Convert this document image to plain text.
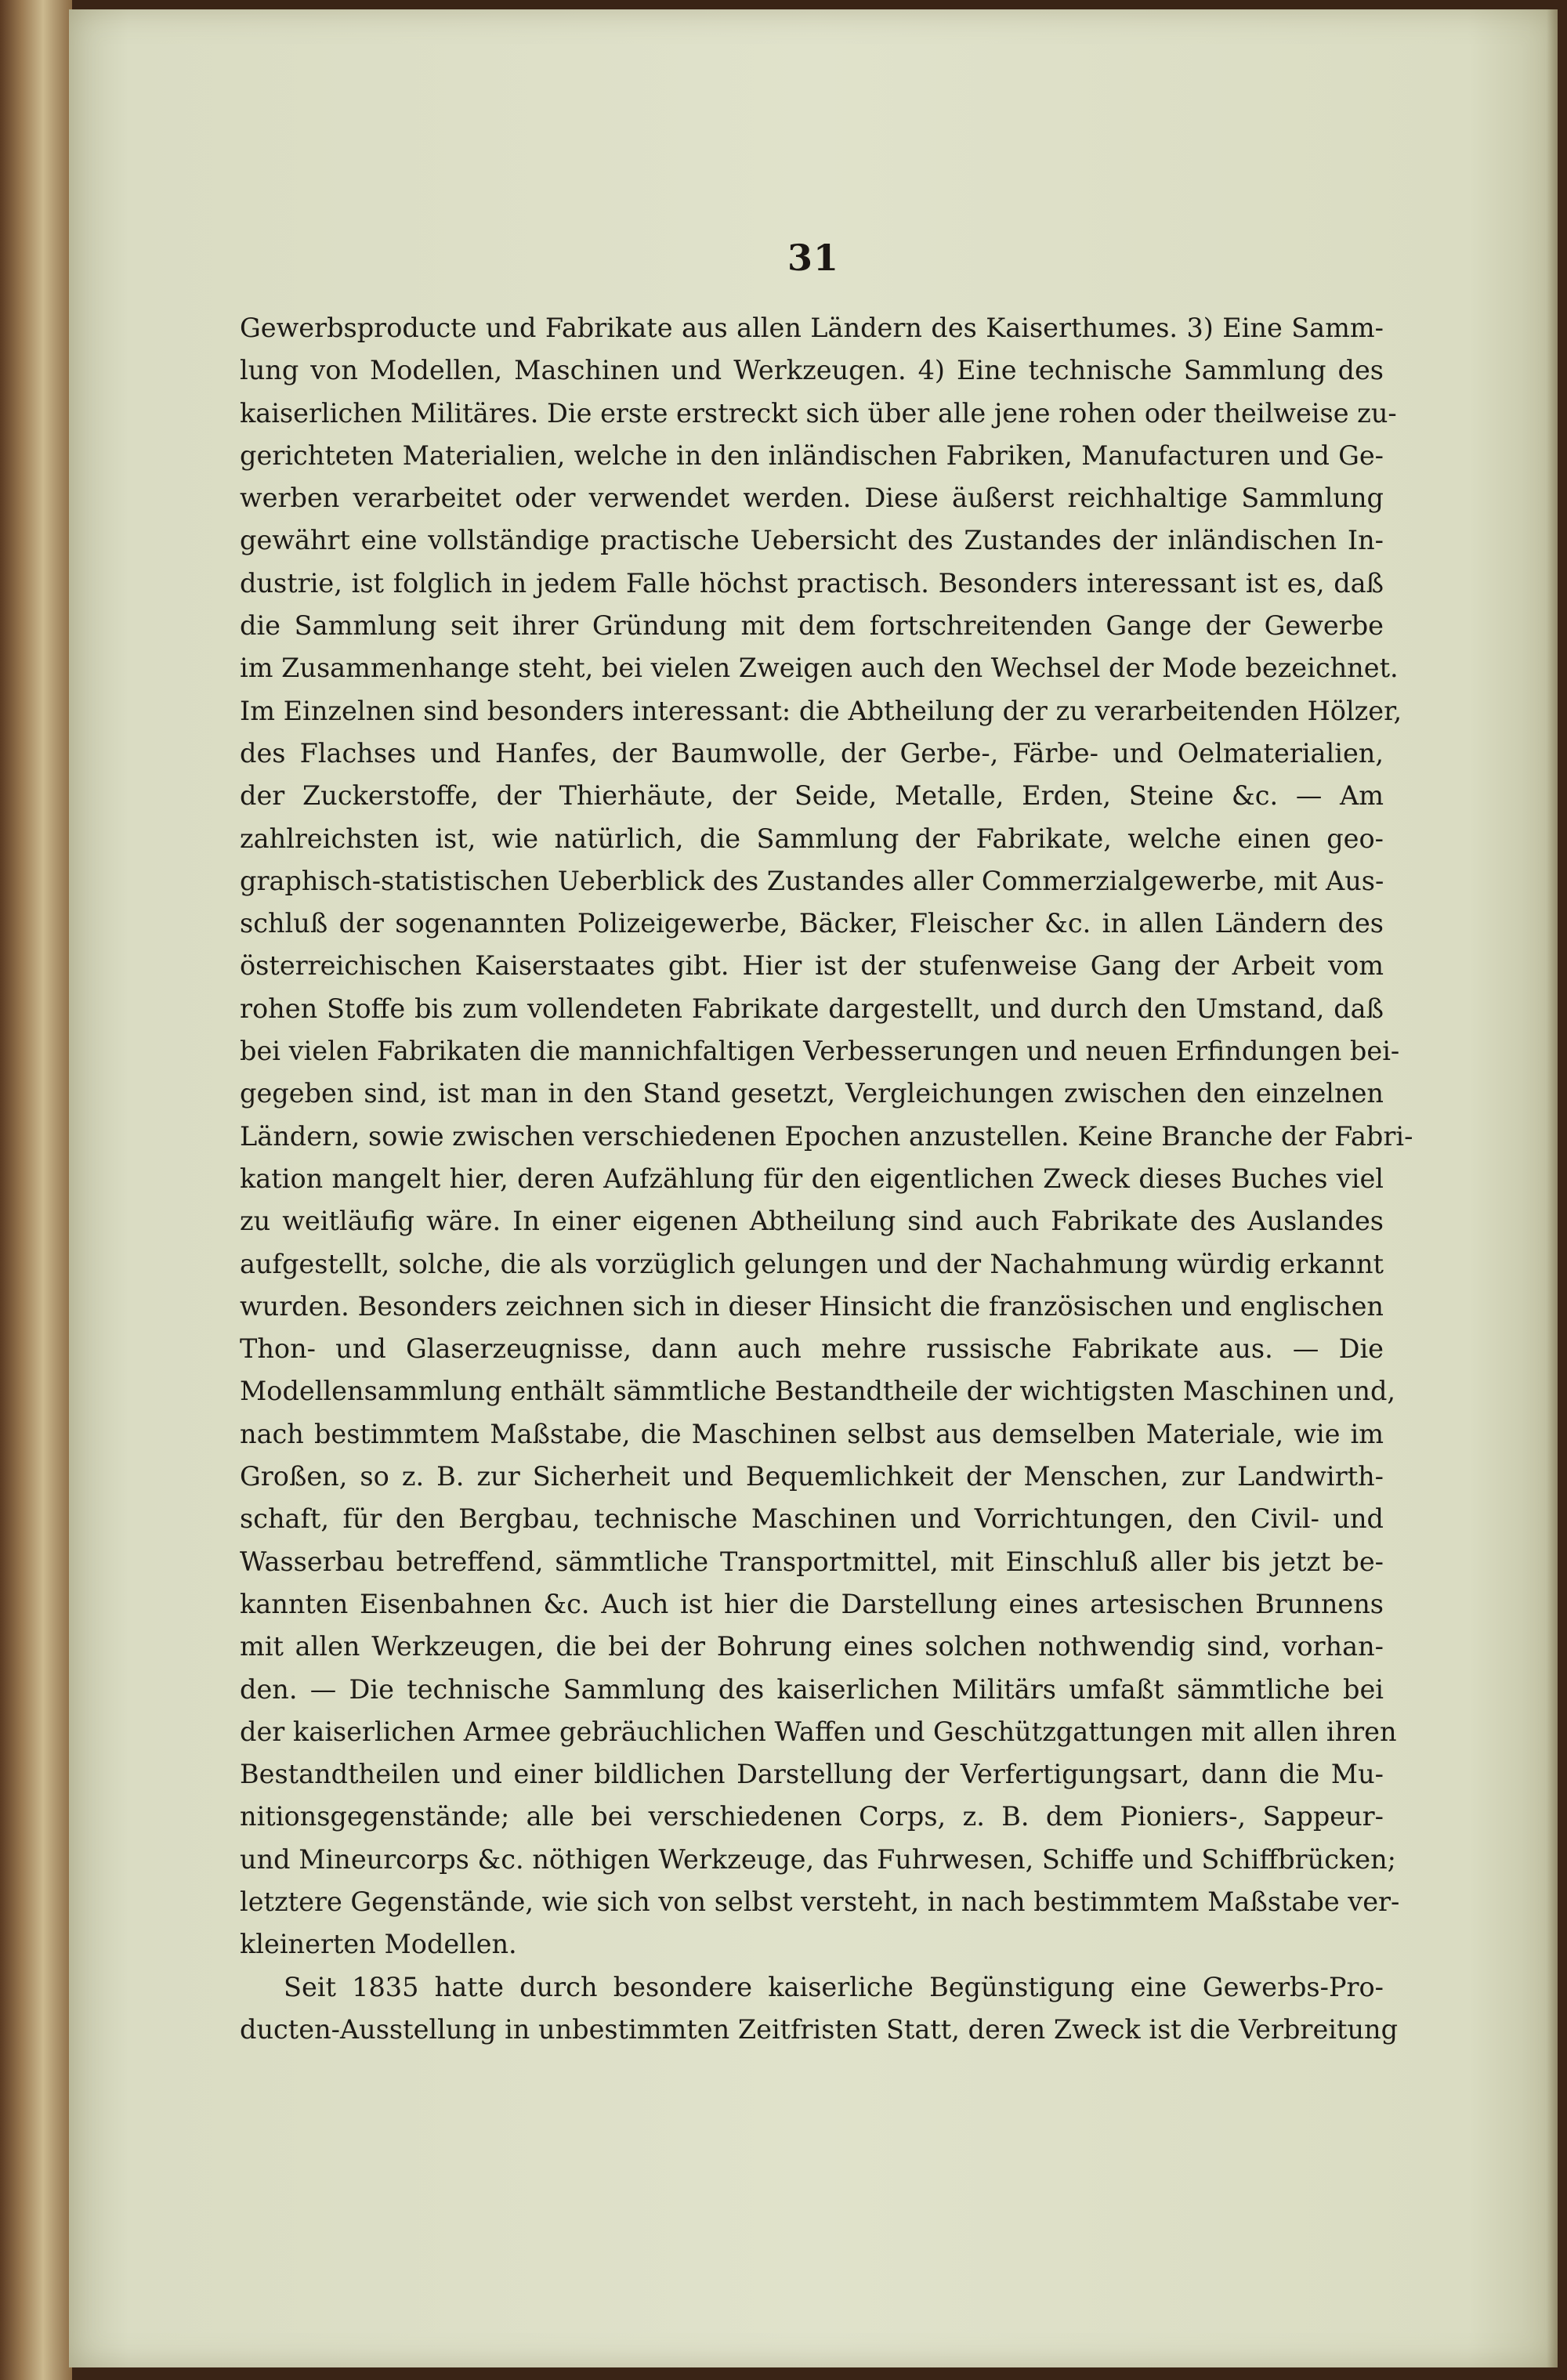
31
Gewerbsproducte und Fabrikate aus allen Ländern des Kaiserthumes. 3) Eine Samm-
lung von Modellen, Maschinen und Werkzeugen. 4) Eine technische Sammlung des
kaiserlichen Militäres. Die erste erstreckt sich über alle jene rohen oder theilweise zu-
gerichteten Materialien, welche in den inländischen Fabriken, Manufacturen und Ge-
werben verarbeitet oder verwendet werden. Diese äußerst reichhaltige Sammlung
gewährt eine vollständige practische Uebersicht des Zustandes der inländischen In-
dustrie, ist folglich in jedem Falle höchst practisch. Besonders interessant ist es, daß
die Sammlung seit ihrer Gründung mit dem fortschreitenden Gange der Gewerbe
im Zusammenhange steht, bei vielen Zweigen auch den Wechsel der Mode bezeichnet.
Im Einzelnen sind besonders interessant: die Abtheilung der zu verarbeitenden Hölzer,
des Flachses und Hanfes, der Baumwolle, der Gerbe-, Färbe- und Oelmaterialien,
der Zuckerstoffe, der Thierhäute, der Seide, Metalle, Erden, Steine &c. — Am
zahlreichsten ist, wie natürlich, die Sammlung der Fabrikate, welche einen geo-
graphisch-statistischen Ueberblick des Zustandes aller Commerzialgewerbe, mit Aus-
schluß der sogenannten Polizeigewerbe, Bäcker, Fleischer &c. in allen Ländern des
österreichischen Kaiserstaates gibt. Hier ist der stufenweise Gang der Arbeit vom
rohen Stoffe bis zum vollendeten Fabrikate dargestellt, und durch den Umstand, daß
bei vielen Fabrikaten die mannichfaltigen Verbesserungen und neuen Erfindungen bei-
gegeben sind, ist man in den Stand gesetzt, Vergleichungen zwischen den einzelnen
Ländern, sowie zwischen verschiedenen Epochen anzustellen. Keine Branche der Fabri-
kation mangelt hier, deren Aufzählung für den eigentlichen Zweck dieses Buches viel
zu weitläufig wäre. In einer eigenen Abtheilung sind auch Fabrikate des Auslandes
aufgestellt, solche, die als vorzüglich gelungen und der Nachahmung würdig erkannt
wurden. Besonders zeichnen sich in dieser Hinsicht die französischen und englischen
Thon- und Glaserzeugnisse, dann auch mehre russische Fabrikate aus. — Die
Modellensammlung enthält sämmtliche Bestandtheile der wichtigsten Maschinen und,
nach bestimmtem Maßstabe, die Maschinen selbst aus demselben Materiale, wie im
Großen, so z. B. zur Sicherheit und Bequemlichkeit der Menschen, zur Landwirth-
schaft, für den Bergbau, technische Maschinen und Vorrichtungen, den Civil- und
Wasserbau betreffend, sämmtliche Transportmittel, mit Einschluß aller bis jetzt be-
kannten Eisenbahnen &c. Auch ist hier die Darstellung eines artesischen Brunnens
mit allen Werkzeugen, die bei der Bohrung eines solchen nothwendig sind, vorhan-
den. — Die technische Sammlung des kaiserlichen Militärs umfaßt sämmtliche bei
der kaiserlichen Armee gebräuchlichen Waffen und Geschützgattungen mit allen ihren
Bestandtheilen und einer bildlichen Darstellung der Verfertigungsart, dann die Mu-
nitionsgegenstände; alle bei verschiedenen Corps, z. B. dem Pioniers-, Sappeur-
und Mineurcorps &c. nöthigen Werkzeuge, das Fuhrwesen, Schiffe und Schiffbrücken;
letztere Gegenstände, wie sich von selbst versteht, in nach bestimmtem Maßstabe ver-
kleinerten Modellen.
Seit 1835 hatte durch besondere kaiserliche Begünstigung eine Gewerbs-Pro-
ducten-Ausstellung in unbestimmten Zeitfristen Statt, deren Zweck ist die Verbreitung
